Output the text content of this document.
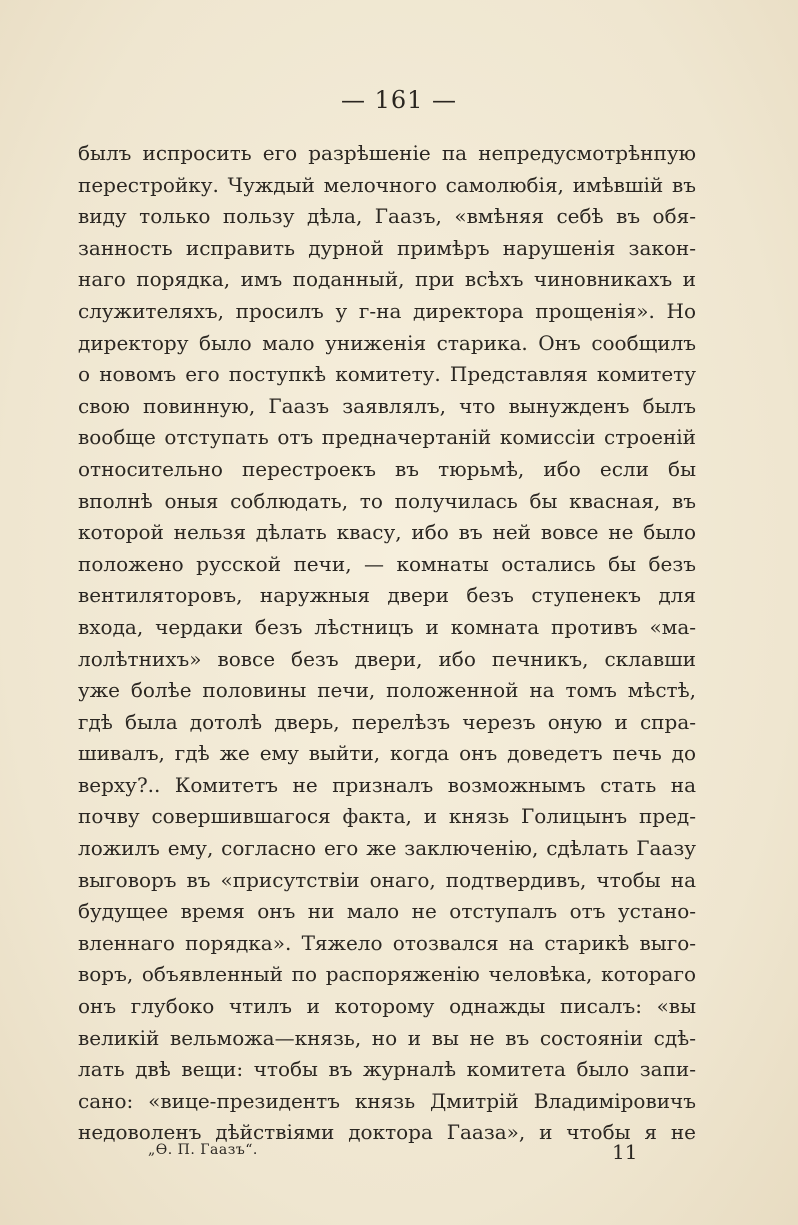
— 161 —
былъ испросить его разрѣшеніе па непредусмотрѣнпую
перестройку. Чуждый мелочного самолюбія, имѣвшій въ
виду только пользу дѣла, Гаазъ, «вмѣняя себѣ въ обя-
занность исправить дурной примѣръ нарушенія закон-
наго порядка, имъ поданный, при всѣхъ чиновникахъ и
служителяхъ, просилъ у г-на директора прощенія». Но
директору было мало униженія старика. Онъ сообщилъ
о новомъ его поступкѣ комитету. Представляя комитету
свою повинную, Гаазъ заявлялъ, что вынужденъ былъ
вообще отступать отъ предначертаній комиссіи строеній
относительно перестроекъ въ тюрьмѣ, ибо если бы
вполнѣ оныя соблюдать, то получилась бы квасная, въ
которой нельзя дѣлать квасу, ибо въ ней вовсе не было
положено русской печи, — комнаты остались бы безъ
вентиляторовъ, наружныя двери безъ ступенекъ для
входа, чердаки безъ лѣстницъ и комната противъ «ма-
лолѣтнихъ» вовсе безъ двери, ибо печникъ, склавши
уже болѣе половины печи, положенной на томъ мѣстѣ,
гдѣ была дотолѣ дверь, перелѣзъ черезъ оную и спра-
шивалъ, гдѣ же ему выйти, когда онъ доведетъ печь до
верху?.. Комитетъ не призналъ возможнымъ стать на
почву совершившагося факта, и князь Голицынъ пред-
ложилъ ему, согласно его же заключенію, сдѣлать Гаазу
выговоръ въ «присутствіи онаго, подтвердивъ, чтобы на
будущее время онъ ни мало не отступалъ отъ устано-
вленнаго порядка». Тяжело отозвался на старикѣ выго-
воръ, объявленный по распоряженію человѣка, котораго
онъ глубоко чтилъ и которому однажды писалъ: «вы
великій вельможа—князь, но и вы не въ состояніи сдѣ-
лать двѣ вещи: чтобы въ журналѣ комитета было запи-
сано: «вице-президентъ князь Дмитрій Владиміровичъ
недоволенъ дѣйствіями доктора Гааза», и чтобы я не
„Ѳ. П. Гаазъ“.	11
